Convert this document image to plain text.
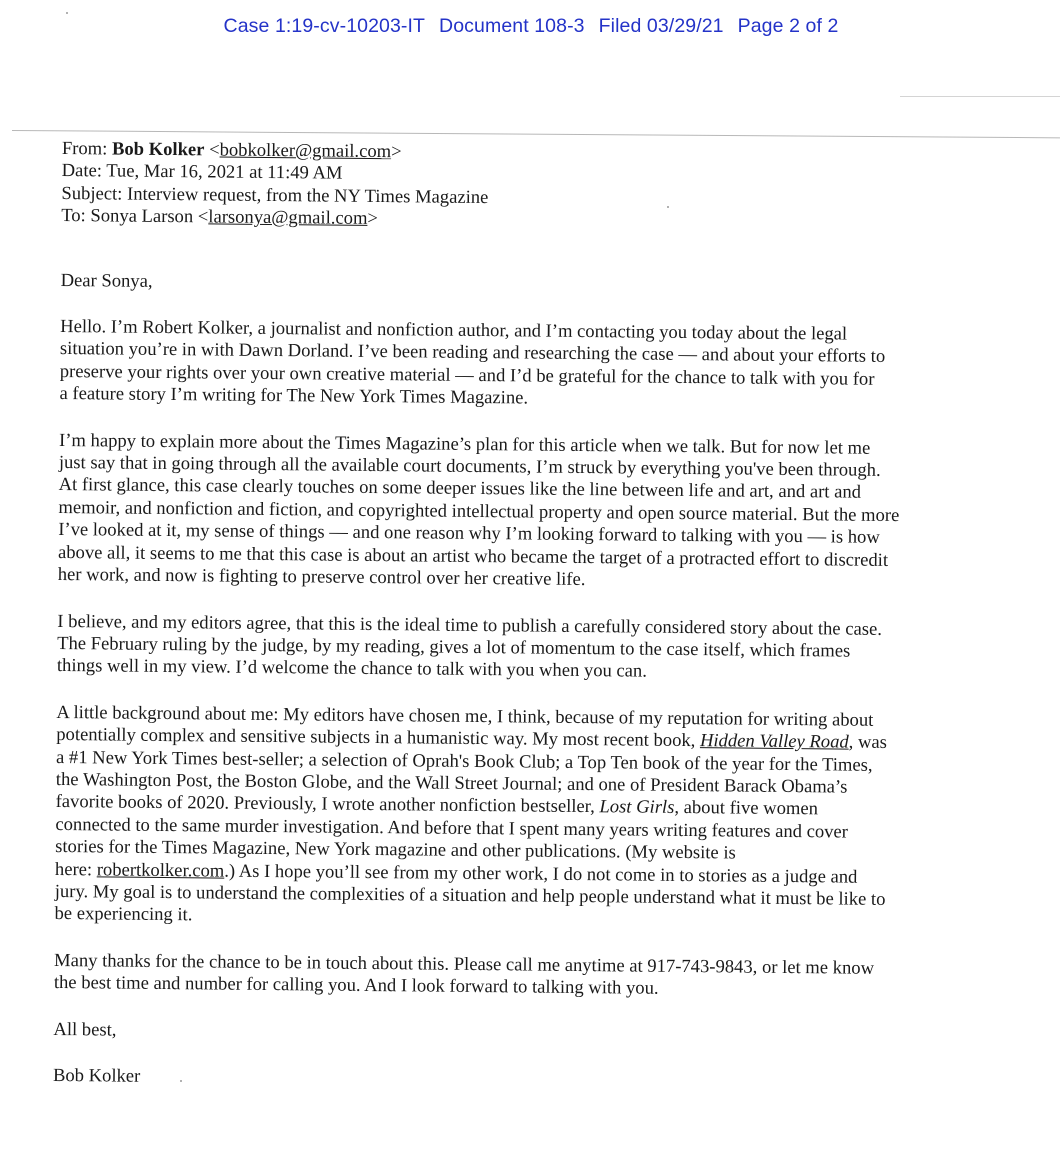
Case 1:19-cv-10203-IT Document 108-3 Filed 03/29/21 Page 2 of 2
From: Bob Kolker <bobkolker@gmail.com>
Date: Tue, Mar 16, 2021 at 11:49 AM
Subject: Interview request, from the NY Times Magazine
To: Sonya Larson <larsonya@gmail.com>

Dear Sonya,

Hello. I’m Robert Kolker, a journalist and nonfiction author, and I’m contacting you today about the legal
situation you’re in with Dawn Dorland. I’ve been reading and researching the case — and about your efforts to
preserve your rights over your own creative material — and I’d be grateful for the chance to talk with you for
a feature story I’m writing for The New York Times Magazine.

I’m happy to explain more about the Times Magazine’s plan for this article when we talk. But for now let me
just say that in going through all the available court documents, I’m struck by everything you've been through.
At first glance, this case clearly touches on some deeper issues like the line between life and art, and art and
memoir, and nonfiction and fiction, and copyrighted intellectual property and open source material. But the more
I’ve looked at it, my sense of things — and one reason why I’m looking forward to talking with you — is how
above all, it seems to me that this case is about an artist who became the target of a protracted effort to discredit
her work, and now is fighting to preserve control over her creative life.

I believe, and my editors agree, that this is the ideal time to publish a carefully considered story about the case.
The February ruling by the judge, by my reading, gives a lot of momentum to the case itself, which frames
things well in my view. I’d welcome the chance to talk with you when you can.

A little background about me: My editors have chosen me, I think, because of my reputation for writing about
potentially complex and sensitive subjects in a humanistic way. My most recent book, Hidden Valley Road, was
a #1 New York Times best-seller; a selection of Oprah's Book Club; a Top Ten book of the year for the Times,
the Washington Post, the Boston Globe, and the Wall Street Journal; and one of President Barack Obama’s
favorite books of 2020. Previously, I wrote another nonfiction bestseller, Lost Girls, about five women
connected to the same murder investigation. And before that I spent many years writing features and cover
stories for the Times Magazine, New York magazine and other publications. (My website is
here: robertkolker.com.) As I hope you’ll see from my other work, I do not come in to stories as a judge and
jury. My goal is to understand the complexities of a situation and help people understand what it must be like to
be experiencing it.

Many thanks for the chance to be in touch about this. Please call me anytime at 917-743-9843, or let me know
the best time and number for calling you. And I look forward to talking with you.

All best,

Bob Kolker
